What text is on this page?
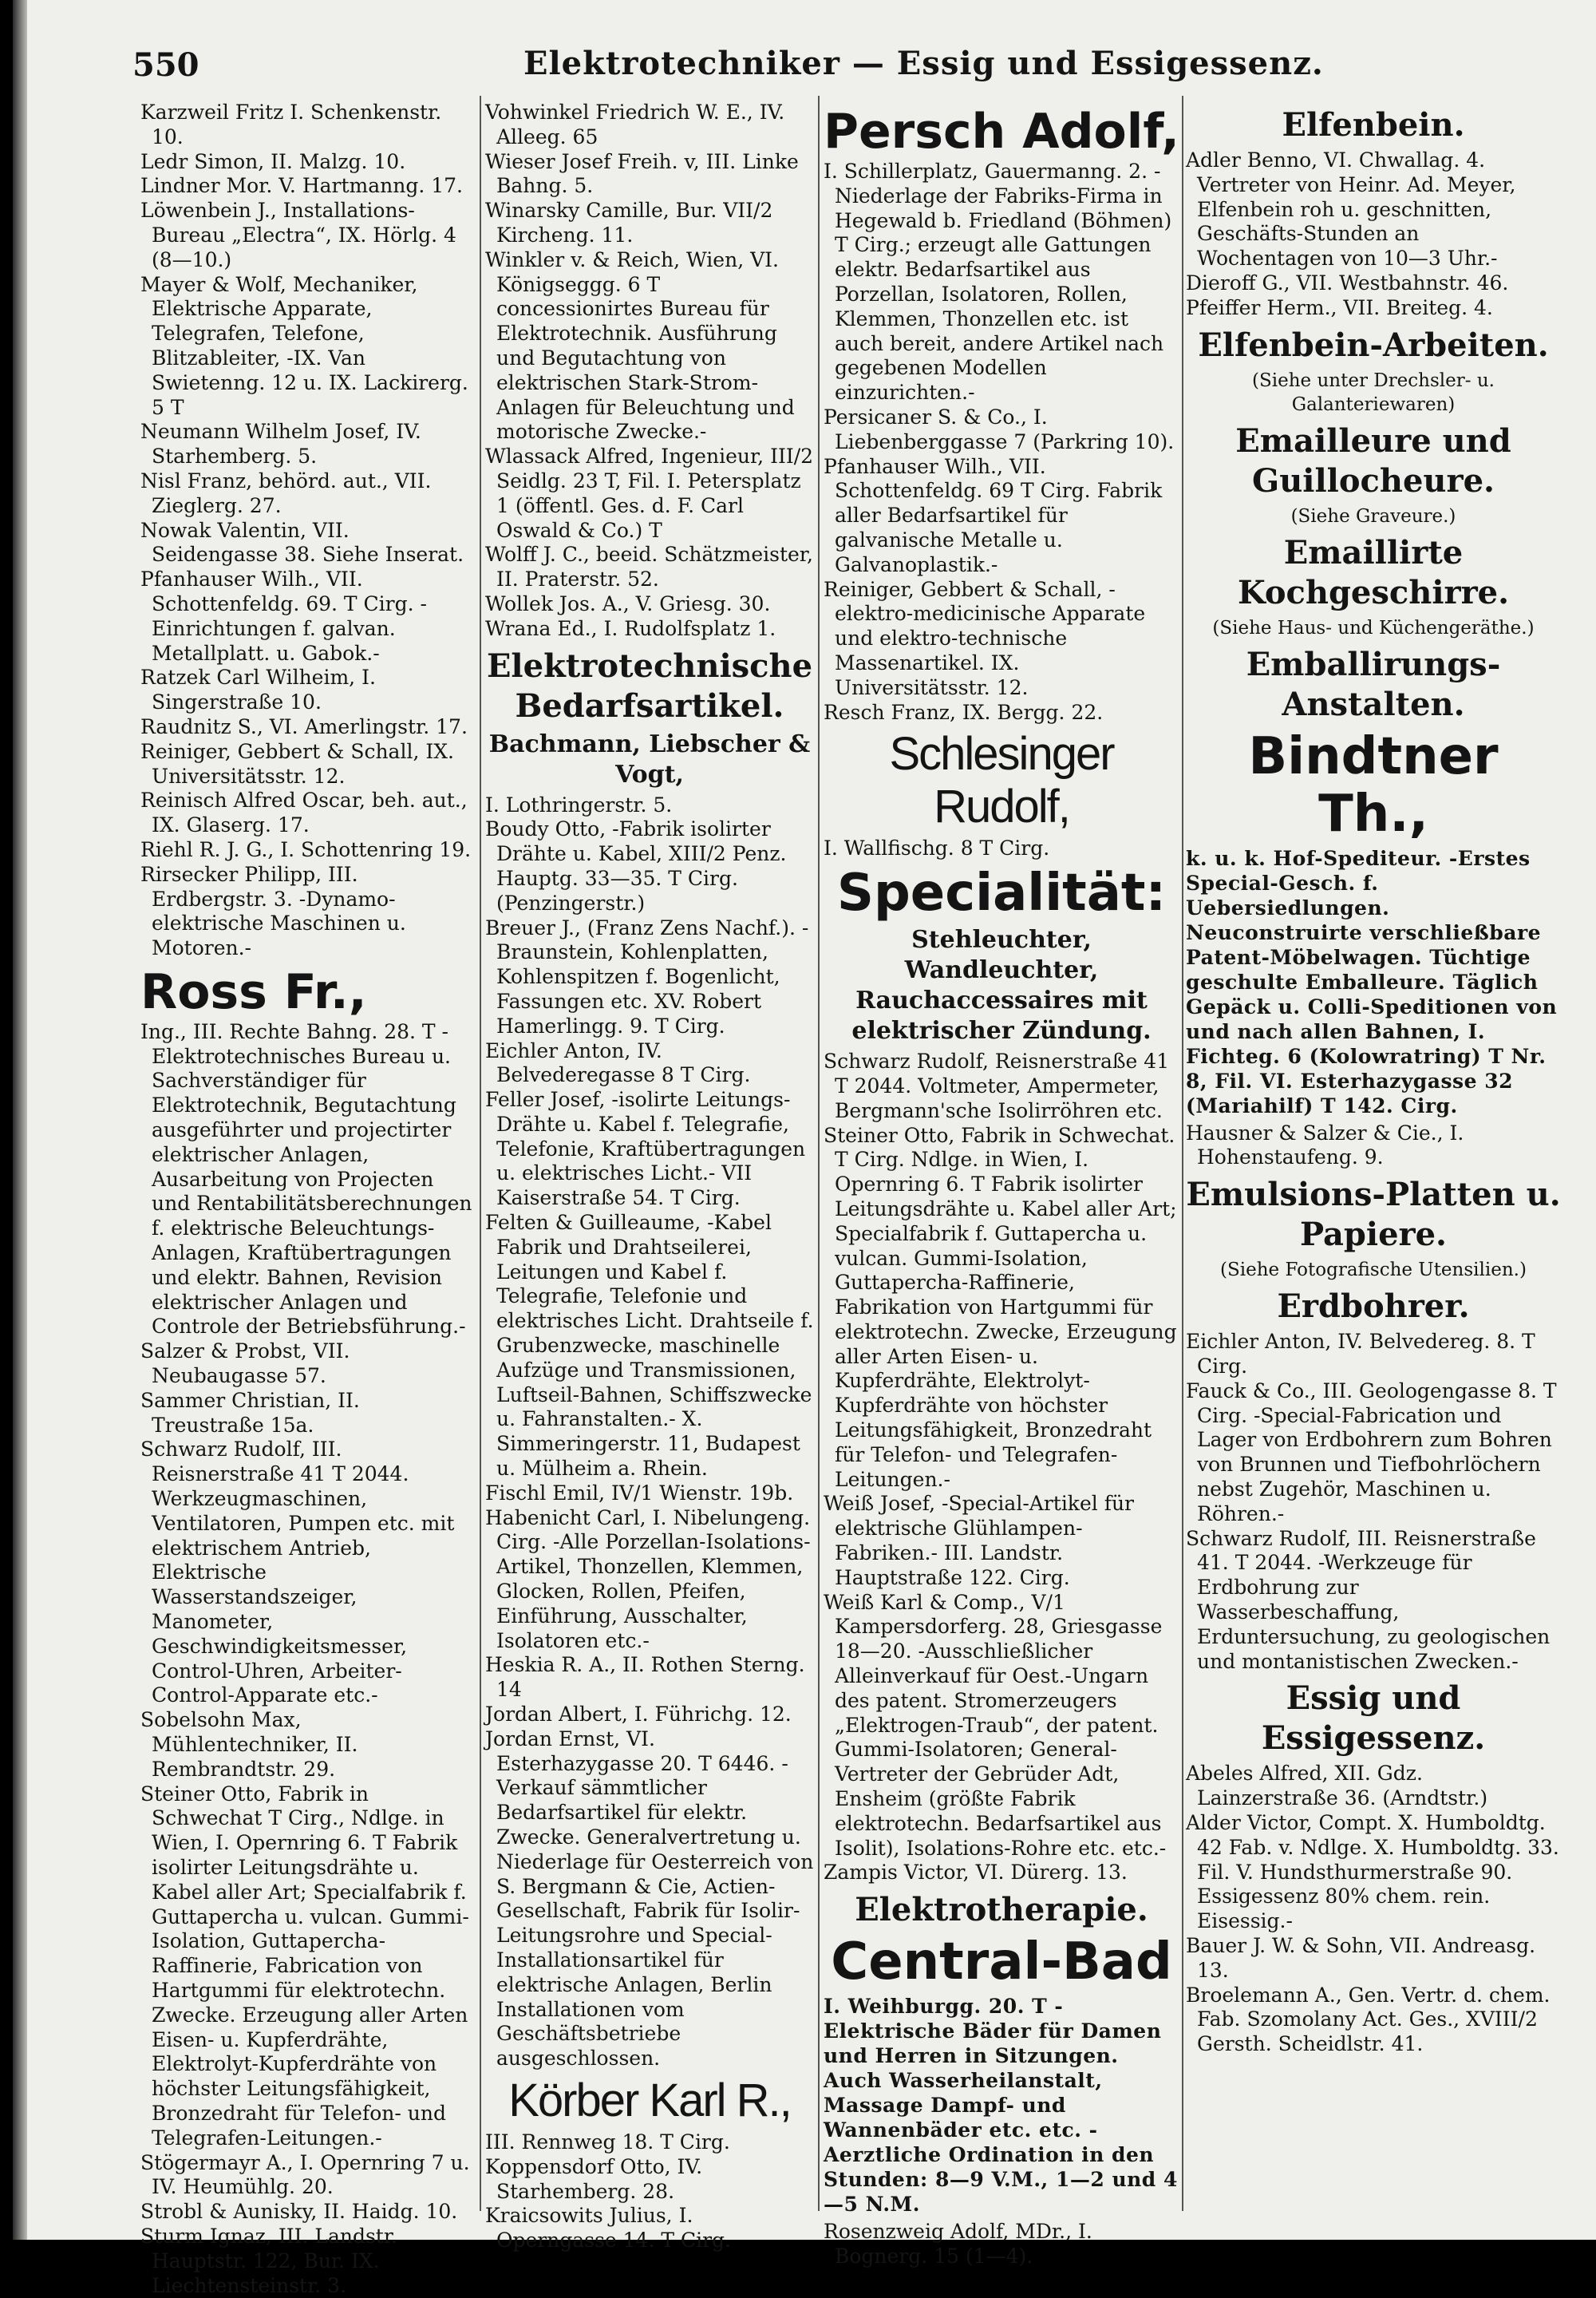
550	Elektrotechniker — Essig und Essigessenz.
Karzweil Fritz I. Schenkenstr. 10.
Ledr Simon, II. Malzg. 10.
Lindner Mor. V. Hartmanng. 17.
Löwenbein J., Installations-Bureau „Electra“, IX. Hörlg. 4 (8—10.)
Mayer & Wolf, Mechaniker, Elektrische Apparate, Telegrafen, Telefone, Blitzableiter, -IX. Van Swietenng. 12 u. IX. Lackirerg. 5 T
Neumann Wilhelm Josef, IV. Starhemberg. 5.
Nisl Franz, behörd. aut., VII. Zieglerg. 27.
Nowak Valentin, VII. Seidengasse 38. Siehe Inserat.
Pfanhauser Wilh., VII. Schottenfeldg. 69. T Cirg. -Einrichtungen f. galvan. Metallplatt. u. Gabok.-
Ratzek Carl Wilheim, I. Singerstraße 10.
Raudnitz S., VI. Amerlingstr. 17.
Reiniger, Gebbert & Schall, IX. Universitätsstr. 12.
Reinisch Alfred Oscar, beh. aut., IX. Glaserg. 17.
Riehl R. J. G., I. Schottenring 19.
Rirsecker Philipp, III. Erdbergstr. 3. -Dynamo-elektrische Maschinen u. Motoren.-
Ross Fr.,
Ing., III. Rechte Bahng. 28. T -Elektrotechnisches Bureau u. Sachverständiger für Elektrotechnik, Begutachtung ausgeführter und projectirter elektrischer Anlagen, Ausarbeitung von Projecten und Rentabilitätsberechnungen f. elektrische Beleuchtungs-Anlagen, Kraftübertragungen und elektr. Bahnen, Revision elektrischer Anlagen und Controle der Betriebsführung.-
Salzer & Probst, VII. Neubaugasse 57.
Sammer Christian, II. Treustraße 15a.
Schwarz Rudolf, III. Reisnerstraße 41 T 2044. Werkzeugmaschinen, Ventilatoren, Pumpen etc. mit elektrischem Antrieb, Elektrische Wasserstandszeiger, Manometer, Geschwindigkeitsmesser, Control-Uhren, Arbeiter-Control-Apparate etc.-
Sobelsohn Max, Mühlentechniker, II. Rembrandtstr. 29.
Steiner Otto, Fabrik in Schwechat T Cirg., Ndlge. in Wien, I. Opernring 6. T Fabrik isolirter Leitungsdrähte u. Kabel aller Art; Specialfabrik f. Guttapercha u. vulcan. Gummi-Isolation, Guttapercha-Raffinerie, Fabrication von Hartgummi für elektrotechn. Zwecke. Erzeugung aller Arten Eisen- u. Kupferdrähte, Elektrolyt-Kupferdrähte von höchster Leitungsfähigkeit, Bronzedraht für Telefon- und Telegrafen-Leitungen.-
Stögermayr A., I. Opernring 7 u. IV. Heumühlg. 20.
Strobl & Aunisky, II. Haidg. 10.
Sturm Ignaz, III. Landstr. Hauptstr. 122, Bur. IX. Liechtensteinstr. 3.
Vohwinkel Friedrich W. E., IV. Alleeg. 65
Wieser Josef Freih. v, III. Linke Bahng. 5.
Winarsky Camille, Bur. VII/2 Kircheng. 11.
Winkler v. & Reich, Wien, VI. Königseggg. 6 T concessionirtes Bureau für Elektrotechnik. Ausführung und Begutachtung von elektrischen Stark-Strom-Anlagen für Beleuchtung und motorische Zwecke.-
Wlassack Alfred, Ingenieur, III/2 Seidlg. 23 T, Fil. I. Petersplatz 1 (öffentl. Ges. d. F. Carl Oswald & Co.) T
Wolff J. C., beeid. Schätzmeister, II. Praterstr. 52.
Wollek Jos. A., V. Griesg. 30.
Wrana Ed., I. Rudolfsplatz 1.
Elektrotechnische Bedarfsartikel.
Bachmann, Liebscher & Vogt,
I. Lothringerstr. 5.
Boudy Otto, -Fabrik isolirter Drähte u. Kabel, XIII/2 Penz. Hauptg. 33—35. T Cirg. (Penzingerstr.)
Breuer J., (Franz Zens Nachf.). -Braunstein, Kohlenplatten, Kohlenspitzen f. Bogenlicht, Fassungen etc. XV. Robert Hamerlingg. 9. T Cirg.
Eichler Anton, IV. Belvederegasse 8 T Cirg.
Feller Josef, -isolirte Leitungs-Drähte u. Kabel f. Telegrafie, Telefonie, Kraftübertragungen u. elektrisches Licht.- VII Kaiserstraße 54. T Cirg.
Felten & Guilleaume, -Kabel Fabrik und Drahtseilerei, Leitungen und Kabel f. Telegrafie, Telefonie und elektrisches Licht. Drahtseile f. Grubenzwecke, maschinelle Aufzüge und Transmissionen, Luftseil-Bahnen, Schiffszwecke u. Fahranstalten.- X. Simmeringerstr. 11, Budapest u. Mülheim a. Rhein.
Fischl Emil, IV/1 Wienstr. 19b.
Habenicht Carl, I. Nibelungeng. Cirg. -Alle Porzellan-Isolations-Artikel, Thonzellen, Klemmen, Glocken, Rollen, Pfeifen, Einführung, Ausschalter, Isolatoren etc.-
Heskia R. A., II. Rothen Sterng. 14
Jordan Albert, I. Führichg. 12.
Jordan Ernst, VI. Esterhazygasse 20. T 6446. -Verkauf sämmtlicher Bedarfsartikel für elektr. Zwecke. Generalvertretung u. Niederlage für Oesterreich von S. Bergmann & Cie, Actien-Gesellschaft, Fabrik für Isolir-Leitungsrohre und Special-Installationsartikel für elektrische Anlagen, Berlin Installationen vom Geschäftsbetriebe ausgeschlossen.
Körber Karl R.,
III. Rennweg 18. T Cirg.
Koppensdorf Otto, IV. Starhemberg. 28.
Kraicsowits Julius, I. Operngasse 14. T Cirg.
Persch Adolf,
I. Schillerplatz, Gauermanng. 2. -Niederlage der Fabriks-Firma in Hegewald b. Friedland (Böhmen) T Cirg.; erzeugt alle Gattungen elektr. Bedarfsartikel aus Porzellan, Isolatoren, Rollen, Klemmen, Thonzellen etc. ist auch bereit, andere Artikel nach gegebenen Modellen einzurichten.-
Persicaner S. & Co., I. Liebenberggasse 7 (Parkring 10).
Pfanhauser Wilh., VII. Schottenfeldg. 69 T Cirg. Fabrik aller Bedarfsartikel für galvanische Metalle u. Galvanoplastik.-
Reiniger, Gebbert & Schall, -elektro-medicinische Apparate und elektro-technische Massenartikel. IX. Universitätsstr. 12.
Resch Franz, IX. Bergg. 22.
Schlesinger Rudolf,
I. Wallfischg. 8 T Cirg.
Specialität:
Stehleuchter, Wandleuchter, Rauchaccessaires mit elektrischer Zündung.
Schwarz Rudolf, Reisnerstraße 41 T 2044. Voltmeter, Ampermeter, Bergmann'sche Isolirröhren etc.
Steiner Otto, Fabrik in Schwechat. T Cirg. Ndlge. in Wien, I. Opernring 6. T Fabrik isolirter Leitungsdrähte u. Kabel aller Art; Specialfabrik f. Guttapercha u. vulcan. Gummi-Isolation, Guttapercha-Raffinerie, Fabrikation von Hartgummi für elektrotechn. Zwecke, Erzeugung aller Arten Eisen- u. Kupferdrähte, Elektrolyt-Kupferdrähte von höchster Leitungsfähigkeit, Bronzedraht für Telefon- und Telegrafen-Leitungen.-
Weiß Josef, -Special-Artikel für elektrische Glühlampen-Fabriken.- III. Landstr. Hauptstraße 122. Cirg.
Weiß Karl & Comp., V/1 Kampersdorferg. 28, Griesgasse 18—20. -Ausschließlicher Alleinverkauf für Oest.-Ungarn des patent. Stromerzeugers „Elektrogen-Traub“, der patent. Gummi-Isolatoren; General-Vertreter der Gebrüder Adt, Ensheim (größte Fabrik elektrotechn. Bedarfsartikel aus Isolit), Isolations-Rohre etc. etc.-
Zampis Victor, VI. Dürerg. 13.
Elektrotherapie.
Central-Bad
I. Weihburgg. 20. T -Elektrische Bäder für Damen und Herren in Sitzungen. Auch Wasserheilanstalt, Massage Dampf- und Wannenbäder etc. etc. -Aerztliche Ordination in den Stunden: 8—9 V.M., 1—2 und 4—5 N.M.
Rosenzweig Adolf, MDr., I. Bognerg. 15 (1—4).
Elfenbein.
Adler Benno, VI. Chwallag. 4. Vertreter von Heinr. Ad. Meyer, Elfenbein roh u. geschnitten, Geschäfts-Stunden an Wochentagen von 10—3 Uhr.-
Dieroff G., VII. Westbahnstr. 46.
Pfeiffer Herm., VII. Breiteg. 4.
Elfenbein-Arbeiten.
(Siehe unter Drechsler- u. Galanteriewaren)
Emailleure und Guillocheure.
(Siehe Graveure.)
Emaillirte Kochgeschirre.
(Siehe Haus- und Küchengeräthe.)
Emballirungs-Anstalten.
Bindtner Th.,
k. u. k. Hof-Spediteur. -Erstes Special-Gesch. f. Uebersiedlungen. Neuconstruirte verschließbare Patent-Möbelwagen. Tüchtige geschulte Emballeure. Täglich Gepäck u. Colli-Speditionen von und nach allen Bahnen, I. Fichteg. 6 (Kolowratring) T Nr. 8, Fil. VI. Esterhazygasse 32 (Mariahilf) T 142. Cirg.
Hausner & Salzer & Cie., I. Hohenstaufeng. 9.
Emulsions-Platten u. Papiere.
(Siehe Fotografische Utensilien.)
Erdbohrer.
Eichler Anton, IV. Belvedereg. 8. T Cirg.
Fauck & Co., III. Geologengasse 8. T Cirg. -Special-Fabrication und Lager von Erdbohrern zum Bohren von Brunnen und Tiefbohrlöchern nebst Zugehör, Maschinen u. Röhren.-
Schwarz Rudolf, III. Reisnerstraße 41. T 2044. -Werkzeuge für Erdbohrung zur Wasserbeschaffung, Erduntersuchung, zu geologischen und montanistischen Zwecken.-
Essig und Essigessenz.
Abeles Alfred, XII. Gdz. Lainzerstraße 36. (Arndtstr.)
Alder Victor, Compt. X. Humboldtg. 42 Fab. v. Ndlge. X. Humboldtg. 33. Fil. V. Hundsthurmerstraße 90. Essigessenz 80% chem. rein. Eisessig.-
Bauer J. W. & Sohn, VII. Andreasg. 13.
Broelemann A., Gen. Vertr. d. chem. Fab. Szomolany Act. Ges., XVIII/2 Gersth. Scheidlstr. 41.
